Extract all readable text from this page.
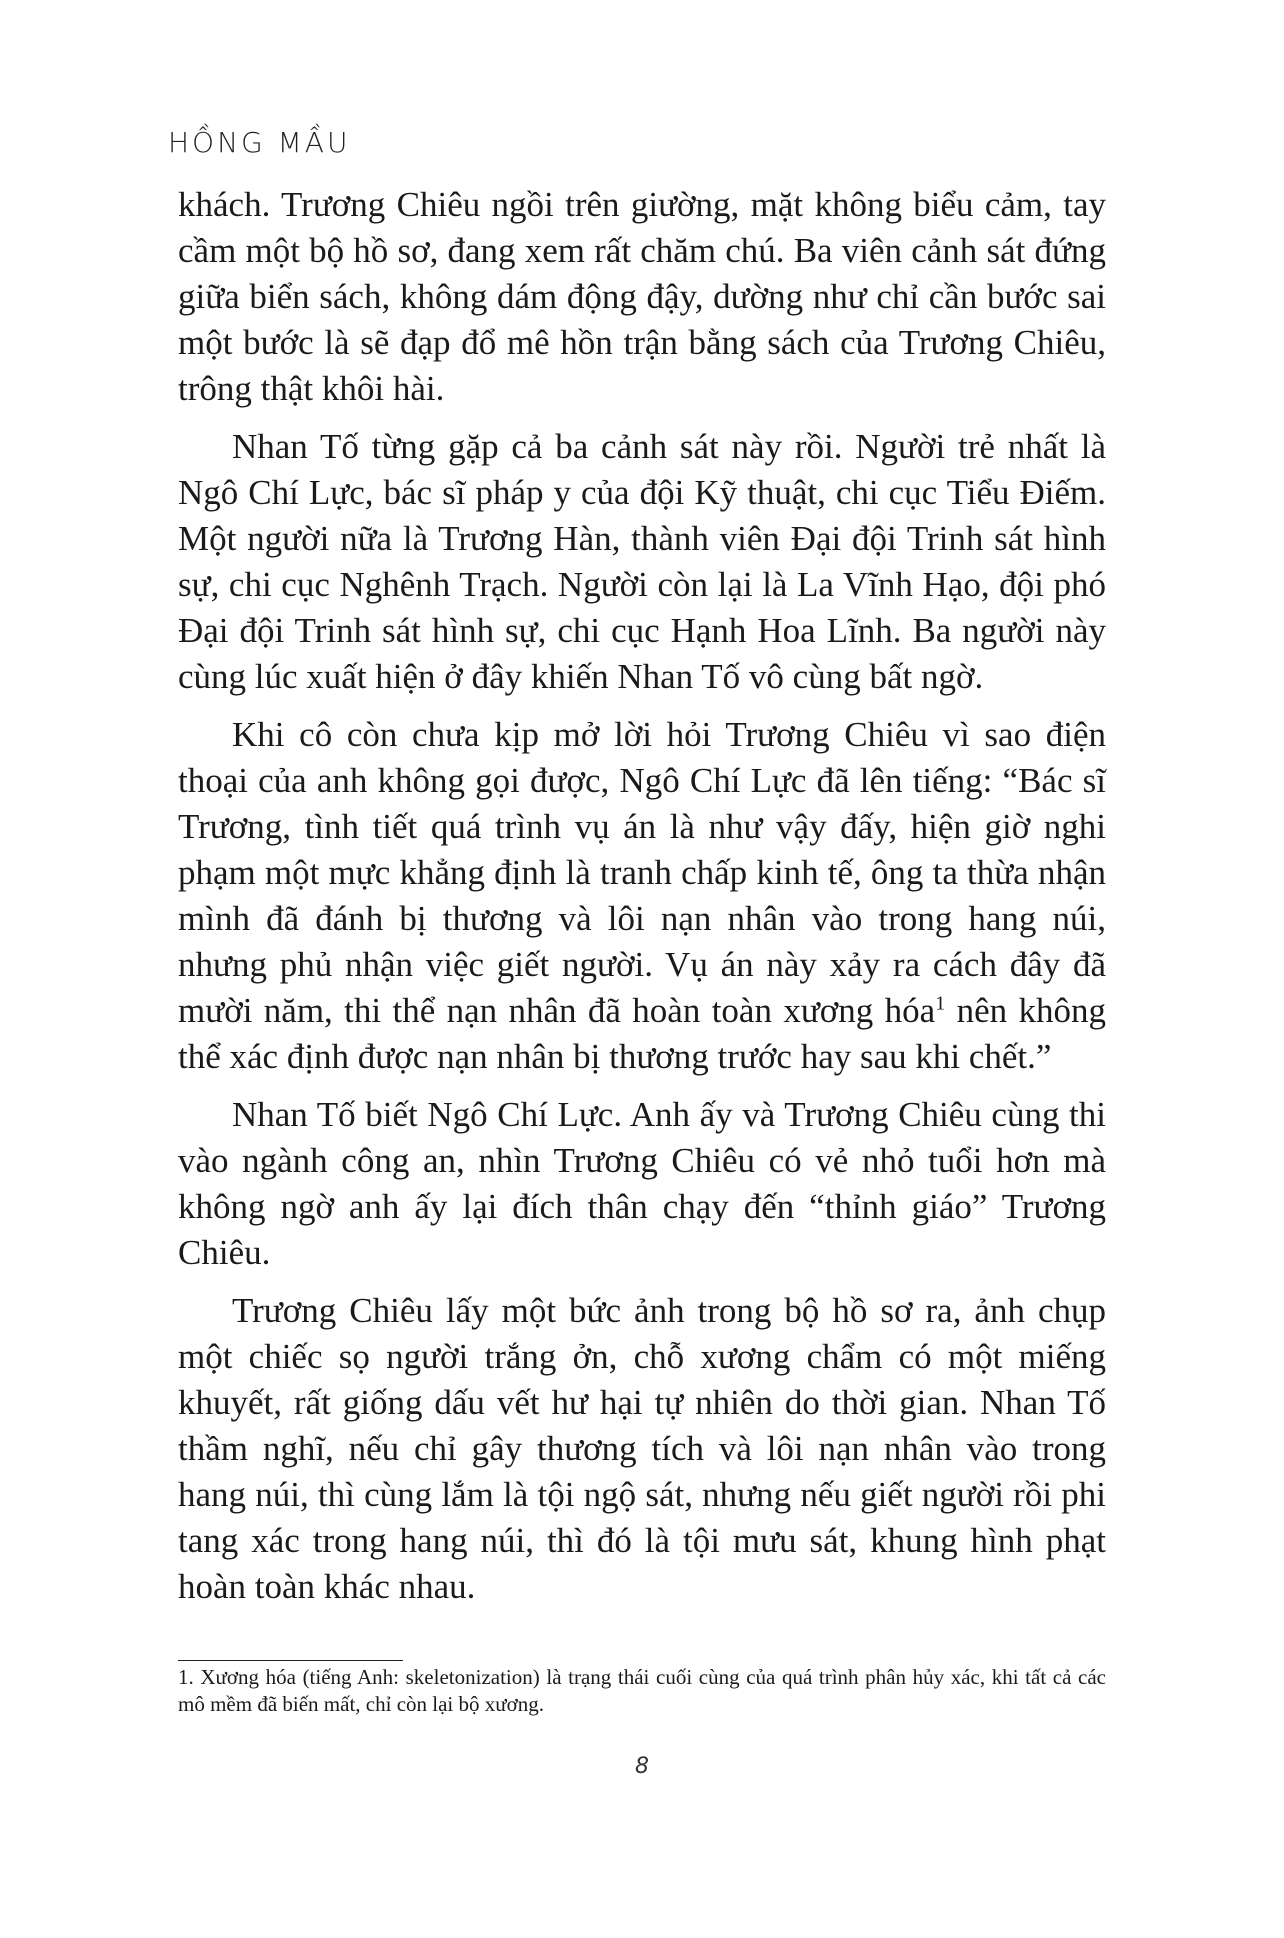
HỒNG MẦU

khách. Trương Chiêu ngồi trên giường, mặt không biểu cảm, tay cầm một bộ hồ sơ, đang xem rất chăm chú. Ba viên cảnh sát đứng giữa biển sách, không dám động đậy, dường như chỉ cần bước sai một bước là sẽ đạp đổ mê hồn trận bằng sách của Trương Chiêu, trông thật khôi hài.

Nhan Tố từng gặp cả ba cảnh sát này rồi. Người trẻ nhất là Ngô Chí Lực, bác sĩ pháp y của đội Kỹ thuật, chi cục Tiểu Điếm. Một người nữa là Trương Hàn, thành viên Đại đội Trinh sát hình sự, chi cục Nghênh Trạch. Người còn lại là La Vĩnh Hạo, đội phó Đại đội Trinh sát hình sự, chi cục Hạnh Hoa Lĩnh. Ba người này cùng lúc xuất hiện ở đây khiến Nhan Tố vô cùng bất ngờ.

Khi cô còn chưa kịp mở lời hỏi Trương Chiêu vì sao điện thoại của anh không gọi được, Ngô Chí Lực đã lên tiếng: “Bác sĩ Trương, tình tiết quá trình vụ án là như vậy đấy, hiện giờ nghi phạm một mực khẳng định là tranh chấp kinh tế, ông ta thừa nhận mình đã đánh bị thương và lôi nạn nhân vào trong hang núi, nhưng phủ nhận việc giết người. Vụ án này xảy ra cách đây đã mười năm, thi thể nạn nhân đã hoàn toàn xương hóa$^1$ nên không thể xác định được nạn nhân bị thương trước hay sau khi chết.”

Nhan Tố biết Ngô Chí Lực. Anh ấy và Trương Chiêu cùng thi vào ngành công an, nhìn Trương Chiêu có vẻ nhỏ tuổi hơn mà không ngờ anh ấy lại đích thân chạy đến “thỉnh giáo” Trương Chiêu.

Trương Chiêu lấy một bức ảnh trong bộ hồ sơ ra, ảnh chụp một chiếc sọ người trắng ởn, chỗ xương chẩm có một miếng khuyết, rất giống dấu vết hư hại tự nhiên do thời gian. Nhan Tố thầm nghĩ, nếu chỉ gây thương tích và lôi nạn nhân vào trong hang núi, thì cùng lắm là tội ngộ sát, nhưng nếu giết người rồi phi tang xác trong hang núi, thì đó là tội mưu sát, khung hình phạt hoàn toàn khác nhau.

1. Xương hóa (tiếng Anh: skeletonization) là trạng thái cuối cùng của quá trình phân hủy xác, khi tất cả các mô mềm đã biến mất, chỉ còn lại bộ xương.

8
